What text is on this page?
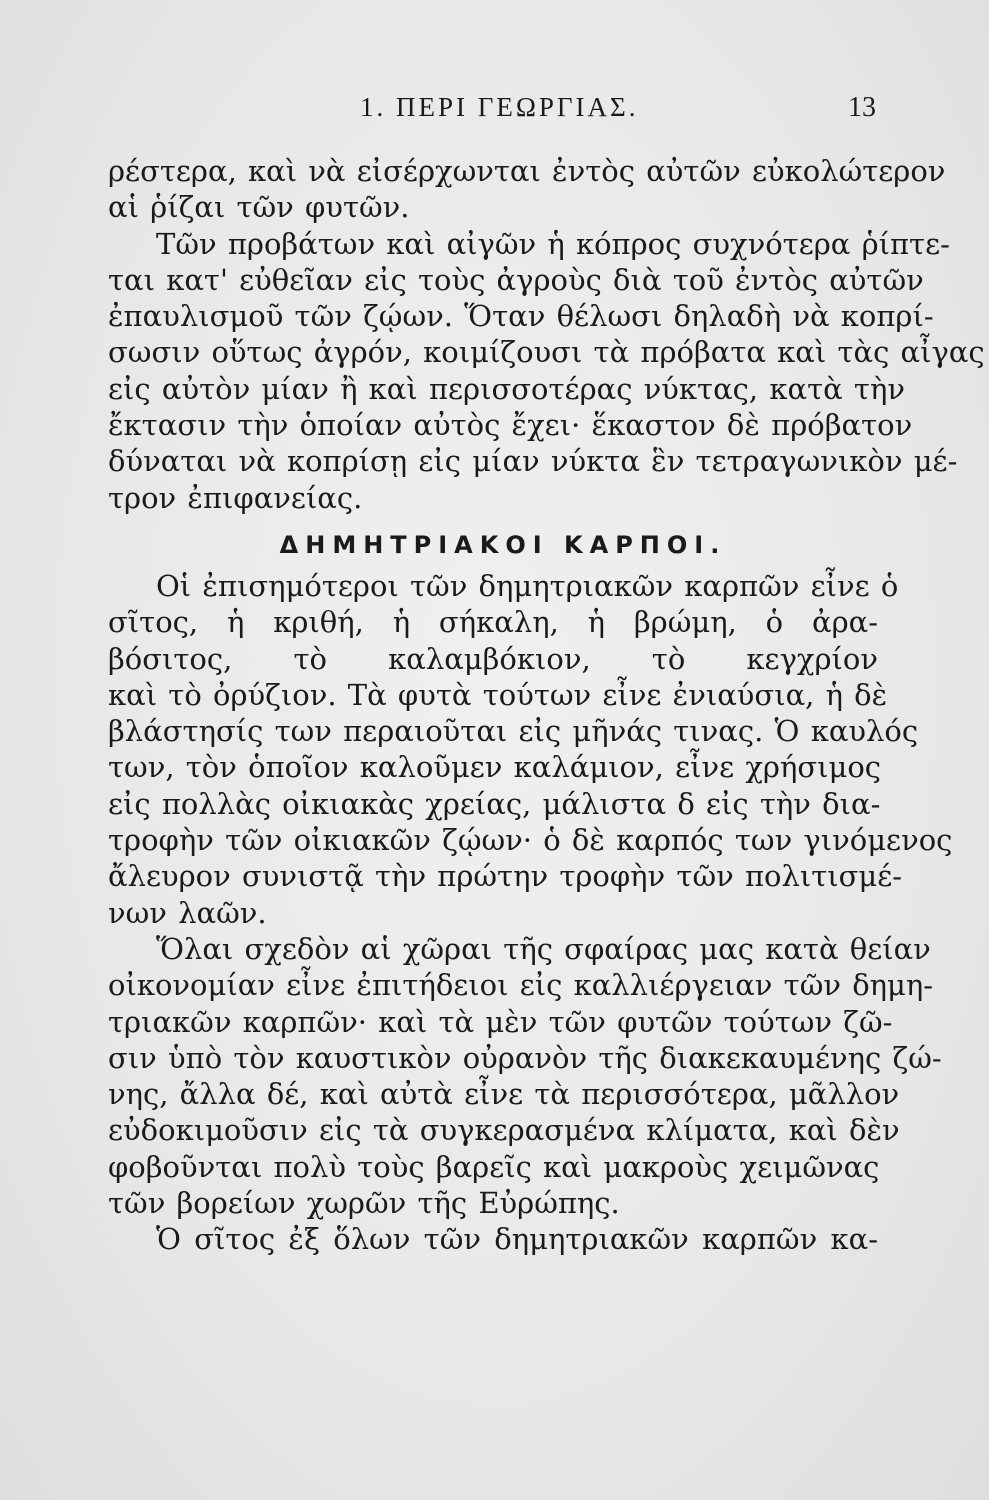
1. ΠΕΡΙ ΓΕΩΡΓΙΑΣ.	13
ρέστερα, καὶ νὰ εἰσέρχωνται ἐντὸς αὐτῶν εὐκολώτερον
αἱ ῥίζαι τῶν φυτῶν.
Τῶν προβάτων καὶ αἰγῶν ἡ κόπρος συχνότερα ῥίπτε-
ται κατ' εὐθεῖαν εἰς τοὺς ἀγροὺς διὰ τοῦ ἐντὸς αὐτῶν
ἐπαυλισμοῦ τῶν ζῴων. Ὅταν θέλωσι δηλαδὴ νὰ κοπρί-
σωσιν οὕτως ἀγρόν, κοιμίζουσι τὰ πρόβατα καὶ τὰς αἶγας
εἰς αὐτὸν μίαν ἢ καὶ περισσοτέρας νύκτας, κατὰ τὴν
ἔκτασιν τὴν ὁποίαν αὐτὸς ἔχει· ἕκαστον δὲ πρόβατον
δύναται νὰ κοπρίσῃ εἰς μίαν νύκτα ἓν τετραγωνικὸν μέ-
τρον ἐπιφανείας.
ΔΗΜΗΤΡΙΑΚΟΙ ΚΑΡΠΟΙ.
Οἱ ἐπισημότεροι τῶν δημητριακῶν καρπῶν εἶνε ὁ
σῖτος, ἡ κριθή, ἡ σήκαλη, ἡ βρώμη, ὁ ἀρα-
βόσιτος, τὸ καλαμβόκιον, τὸ κεγχρίον
καὶ τὸ ὀρύζιον. Τὰ φυτὰ τούτων εἶνε ἐνιαύσια, ἡ δὲ
βλάστησίς των περαιοῦται εἰς μῆνάς τινας. Ὁ καυλός
των, τὸν ὁποῖον καλοῦμεν καλάμιον, εἶνε χρήσιμος
εἰς πολλὰς οἰκιακὰς χρείας, μάλιστα δ εἰς τὴν δια-
τροφὴν τῶν οἰκιακῶν ζῴων· ὁ δὲ καρπός των γινόμενος
ἄλευρον συνιστᾷ τὴν πρώτην τροφὴν τῶν πολιτισμέ-
νων λαῶν.
Ὅλαι σχεδὸν αἱ χῶραι τῆς σφαίρας μας κατὰ θείαν
οἰκονομίαν εἶνε ἐπιτήδειοι εἰς καλλιέργειαν τῶν δημη-
τριακῶν καρπῶν· καὶ τὰ μὲν τῶν φυτῶν τούτων ζῶ-
σιν ὑπὸ τὸν καυστικὸν οὐρανὸν τῆς διακεκαυμένης ζώ-
νης, ἄλλα δέ, καὶ αὐτὰ εἶνε τὰ περισσότερα, μᾶλλον
εὐδοκιμοῦσιν εἰς τὰ συγκερασμένα κλίματα, καὶ δὲν
φοβοῦνται πολὺ τοὺς βαρεῖς καὶ μακροὺς χειμῶνας
τῶν βορείων χωρῶν τῆς Εὐρώπης.
Ὁ σῖτος ἐξ ὅλων τῶν δημητριακῶν καρπῶν κα-
